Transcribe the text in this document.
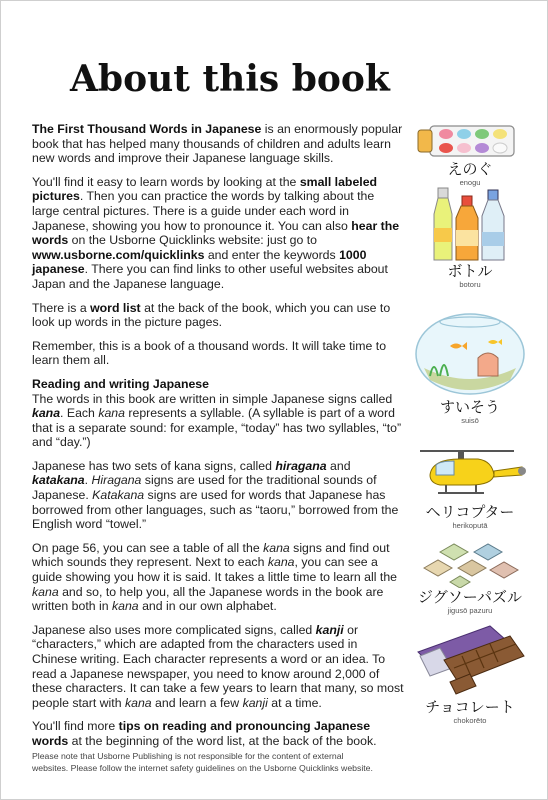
About this book

The First Thousand Words in Japanese is an enormously popular book that has helped many thousands of children and adults learn new words and improve their Japanese language skills.

You'll find it easy to learn words by looking at the small labeled pictures. Then you can practice the words by talking about the large central pictures. There is a guide under each word in Japanese, showing you how to pronounce it. You can also hear the words on the Usborne Quicklinks website: just go to www.usborne.com/quicklinks and enter the keywords 1000 japanese. There you can find links to other useful websites about Japan and the Japanese language.

There is a word list at the back of the book, which you can use to look up words in the picture pages.

Remember, this is a book of a thousand words. It will take time to learn them all.

Reading and writing Japanese

The words in this book are written in simple Japanese signs called kana. Each kana represents a syllable. (A syllable is part of a word that is a separate sound: for example, “today” has two syllables, “to” and “day.”)

Japanese has two sets of kana signs, called hiragana and katakana. Hiragana signs are used for the traditional sounds of Japanese. Katakana signs are used for words that Japanese has borrowed from other languages, such as “taoru,” borrowed from the English word “towel.”

On page 56, you can see a table of all the kana signs and find out which sounds they represent. Next to each kana, you can see a guide showing you how it is said. It takes a little time to learn all the kana and so, to help you, all the Japanese words in the book are written both in kana and in our own alphabet.

Japanese also uses more complicated signs, called kanji or “characters,” which are adapted from the characters used in Chinese writing. Each character represents a word or an idea. To read a Japanese newspaper, you need to know around 2,000 of these characters. It can take a few years to learn that many, so most people start with kana and learn a few kanji at a time.

You'll find more tips on reading and pronouncing Japanese words at the beginning of the word list, at the back of the book.

Please note that Usborne Publishing is not responsible for the content of external

websites. Please follow the internet safety guidelines on the Usborne Quicklinks website.

えのぐ
enogu
ボトル
botoru
すいそう
suisō
ヘリコプター
herikoputā
ジグソーパズル
jigusō pazuru
チョコレート
chokorēto
